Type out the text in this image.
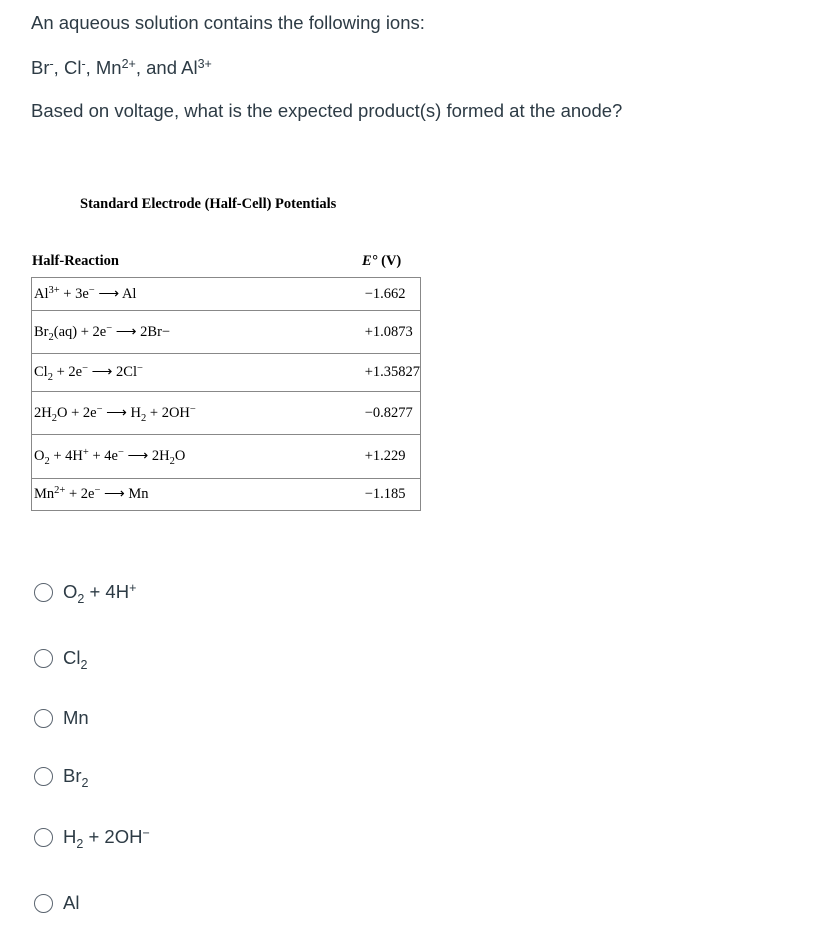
An aqueous solution contains the following ions:

Br-, Cl-, $Mn^{2+}$, and $Al^{3+}$

Based on voltage, what is the expected product(s) formed at the anode?

Standard Electrode (Half-Cell) Potentials
Half-Reaction	E° (V)
$Al^{3+} + 3e^-$ ⟶ Al	−1.662
$Br_2(aq) + 2e^-$ ⟶ 2Br−	+1.0873
$Cl_2 + 2e^-$ ⟶ 2Cl−	+1.35827
$2H_2O + 2e^-$ ⟶ $H_2 + 2OH^-$	−0.8277
$O_2 + 4H^+ + 4e^-$ ⟶ $2H_2O$	+1.229
$Mn^{2+} + 2e^-$ ⟶ Mn	−1.185
$O_2 + 4H^+$
$Cl_2$
Mn
$Br_2$
$H_2 + 2OH^-$
Al
